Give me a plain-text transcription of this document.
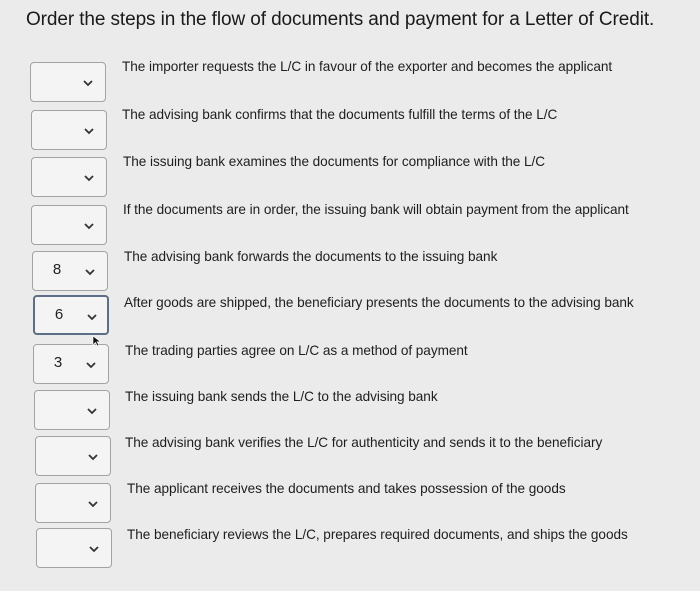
Order the steps in the flow of documents and payment for a Letter of Credit.
The importer requests the L/C in favour of the exporter and becomes the applicant
The advising bank confirms that the documents fulfill the terms of the L/C
The issuing bank examines the documents for compliance with the L/C
If the documents are in order, the issuing bank will obtain payment from the applicant
8
The advising bank forwards the documents to the issuing bank
6
After goods are shipped, the beneficiary presents the documents to the advising bank
3
The trading parties agree on L/C as a method of payment
The issuing bank sends the L/C to the advising bank
The advising bank verifies the L/C for authenticity and sends it to the beneficiary
The applicant receives the documents and takes possession of the goods
The beneficiary reviews the L/C, prepares required documents, and ships the goods
